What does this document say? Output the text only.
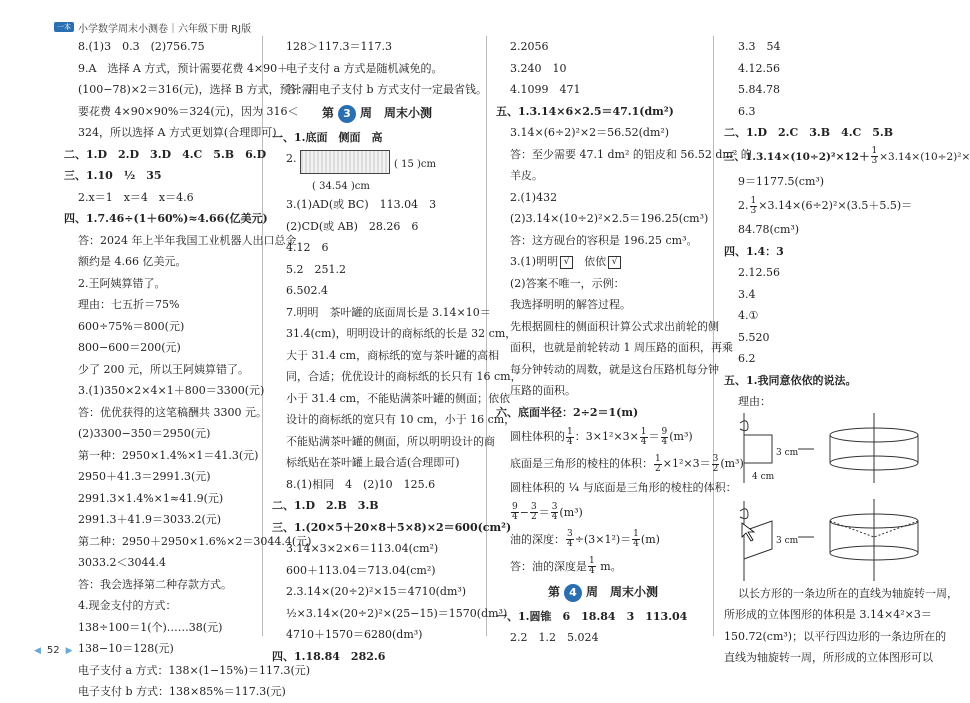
一本 小学数学周末小测卷｜六年级下册 RJ版
8.(1)3　0.3　(2)756.75
9.A　选择 A 方式，预计需要花费 4×90＋
(100−78)×2＝316(元)，选择 B 方式，预计需
要花费 4×90×90%＝324(元)，因为 316＜
324，所以选择 A 方式更划算(合理即可)
二、1.D　2.D　3.D　4.C　5.B　6.D
三、1.10　½　35
2.x＝1　x＝4　x＝4.6
四、1.7.46÷(1＋60%)≈4.66(亿美元)
答：2024 年上半年我国工业机器人出口总金
额约是 4.66 亿美元。
2.王阿姨算错了。
理由：七五折＝75%
600÷75%＝800(元)
800−600＝200(元)
少了 200 元，所以王阿姨算错了。
3.(1)350×2×4×1＋800＝3300(元)
答：优优获得的这笔稿酬共 3300 元。
(2)3300−350＝2950(元)
第一种：2950×1.4%×1＝41.3(元)
2950＋41.3＝2991.3(元)
2991.3×1.4%×1≈41.9(元)
2991.3＋41.9＝3033.2(元)
第二种：2950＋2950×1.6%×2＝3044.4(元)
3033.2＜3044.4
答：我会选择第二种存款方式。
4.现金支付的方式：
138÷100＝1(个)……38(元)
138−10＝128(元)
电子支付 a 方式：138×(1−15%)＝117.3(元)
电子支付 b 方式：138×85%＝117.3(元)
128＞117.3＝117.3
电子支付 a 方式是随机减免的。
答：用电子支付 b 方式支付一定最省钱。
第 3 周　周末小测
一、1.底面　侧面　高
2.	( 15 )cm
( 34.54 )cm
3.(1)AD(或 BC)　113.04　3
(2)CD(或 AB)　28.26　6
4.12　6
5.2　251.2
6.502.4
7.明明　茶叶罐的底面周长是 3.14×10＝
31.4(cm)，明明设计的商标纸的长是 32 cm，
大于 31.4 cm，商标纸的宽与茶叶罐的高相
同，合适；优优设计的商标纸的长只有 16 cm，
小于 31.4 cm，不能贴满茶叶罐的侧面；依依
设计的商标纸的宽只有 10 cm，小于 16 cm，
不能贴满茶叶罐的侧面，所以明明设计的商
标纸贴在茶叶罐上最合适(合理即可)
8.(1)相同　4　(2)10　125.6
二、1.D　2.B　3.B
三、1.(20×5＋20×8＋5×8)×2＝600(cm²)
3.14×3×2×6＝113.04(cm²)
600＋113.04＝713.04(cm²)
2.3.14×(20÷2)²×15＝4710(dm³)
½×3.14×(20÷2)²×(25−15)＝1570(dm³)
4710＋1570＝6280(dm³)
四、1.18.84　282.6
2.2056
3.240　10
4.1099　471
五、1.3.14×6×2.5＝47.1(dm²)
3.14×(6÷2)²×2＝56.52(dm²)
答：至少需要 47.1 dm² 的铝皮和 56.52 dm² 的
羊皮。
2.(1)432
(2)3.14×(10÷2)²×2.5＝196.25(cm³)
答：这方砚台的容积是 196.25 cm³。
3.(1)明明 √　 依依 √
(2)答案不唯一，示例：
我选择明明的解答过程。
先根据圆柱的侧面积计算公式求出前轮的侧
面积，也就是前轮转动 1 周压路的面积，再乘
每分钟转动的周数，就是这台压路机每分钟
压路的面积。
六、底面半径：2÷2＝1(m)
圆柱体积的 $\frac{1}{4}$ ：$3\times 1^2\times 3\times \frac{1}{4} = \frac{9}{4} (m^3)$
底面是三角形的棱柱的体积： $\frac{1}{2} \times 1^2\times 3= \frac{3}{2} (m^3)$
圆柱体积的 ¼ 与底面是三角形的棱柱的体积：
$\frac{9}{4} - \frac{3}{2} = \frac{3}{4} (m^3)$
油的深度： $\frac{3}{4} \div(3\times 1^2)= \frac{1}{4} (m)$
答：油的深度是 $\frac{1}{4}$ m。
第 4 周　周末小测
一、1.圆锥　6　18.84　3　113.04
2.2　1.2　5.024
3.3　54
4.12.56
5.84.78
6.3
二、1.D　2.C　3.B　4.C　5.B
三、$1.3.14\times(10\div 2)^2\times 12+ \frac{1}{3} \times 3.14\times(10\div 2)^2\times$
9＝1177.5(cm³)
2. $\frac{1}{3} \times 3.14\times(6\div 2)^2\times(3.5+5.5)=$
84.78(cm³)
四、1.4：3
2.12.56
3.4
4.①
5.520
6.2
五、1.我同意依依的说法。
理由：
3 cm
4 cm
3 cm
以长方形的一条边所在的直线为轴旋转一周，
所形成的立体图形的体积是 3.14×4²×3＝
150.72(cm³)；以平行四边形的一条边所在的
直线为轴旋转一周，所形成的立体图形可以
◀ 52 ▶
